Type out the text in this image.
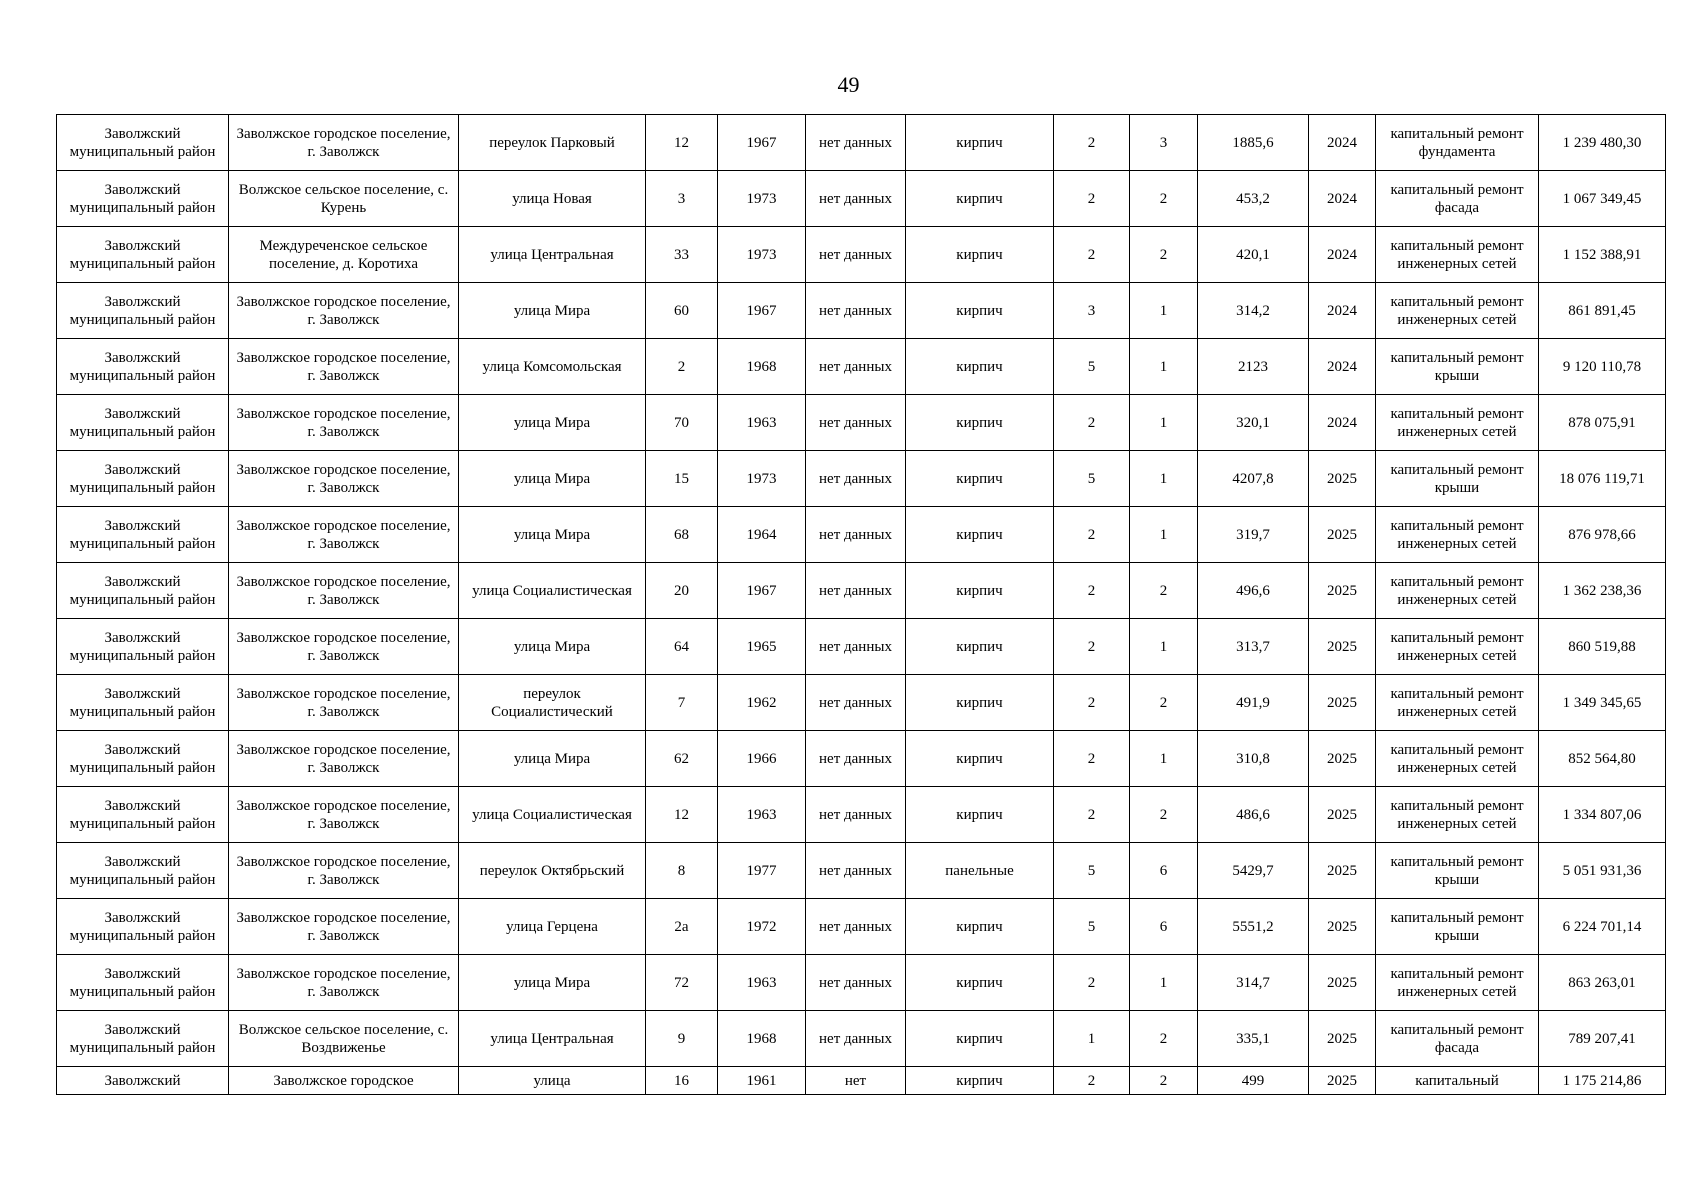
49
Заволжский муниципальный район	Заволжское городское поселение, г. Заволжск	переулок Парковый	12	1967	нет данных	кирпич	2	3	1885,6	2024	капитальный ремонт фундамента	1 239 480,30
Заволжский муниципальный район	Волжское сельское поселение, с. Курень	улица Новая	3	1973	нет данных	кирпич	2	2	453,2	2024	капитальный ремонт фасада	1 067 349,45
Заволжский муниципальный район	Междуреченское сельское поселение, д. Коротиха	улица Центральная	33	1973	нет данных	кирпич	2	2	420,1	2024	капитальный ремонт инженерных сетей	1 152 388,91
Заволжский муниципальный район	Заволжское городское поселение, г. Заволжск	улица Мира	60	1967	нет данных	кирпич	3	1	314,2	2024	капитальный ремонт инженерных сетей	861 891,45
Заволжский муниципальный район	Заволжское городское поселение, г. Заволжск	улица Комсомольская	2	1968	нет данных	кирпич	5	1	2123	2024	капитальный ремонт крыши	9 120 110,78
Заволжский муниципальный район	Заволжское городское поселение, г. Заволжск	улица Мира	70	1963	нет данных	кирпич	2	1	320,1	2024	капитальный ремонт инженерных сетей	878 075,91
Заволжский муниципальный район	Заволжское городское поселение, г. Заволжск	улица Мира	15	1973	нет данных	кирпич	5	1	4207,8	2025	капитальный ремонт крыши	18 076 119,71
Заволжский муниципальный район	Заволжское городское поселение, г. Заволжск	улица Мира	68	1964	нет данных	кирпич	2	1	319,7	2025	капитальный ремонт инженерных сетей	876 978,66
Заволжский муниципальный район	Заволжское городское поселение, г. Заволжск	улица Социалистическая	20	1967	нет данных	кирпич	2	2	496,6	2025	капитальный ремонт инженерных сетей	1 362 238,36
Заволжский муниципальный район	Заволжское городское поселение, г. Заволжск	улица Мира	64	1965	нет данных	кирпич	2	1	313,7	2025	капитальный ремонт инженерных сетей	860 519,88
Заволжский муниципальный район	Заволжское городское поселение, г. Заволжск	переулок Социалистический	7	1962	нет данных	кирпич	2	2	491,9	2025	капитальный ремонт инженерных сетей	1 349 345,65
Заволжский муниципальный район	Заволжское городское поселение, г. Заволжск	улица Мира	62	1966	нет данных	кирпич	2	1	310,8	2025	капитальный ремонт инженерных сетей	852 564,80
Заволжский муниципальный район	Заволжское городское поселение, г. Заволжск	улица Социалистическая	12	1963	нет данных	кирпич	2	2	486,6	2025	капитальный ремонт инженерных сетей	1 334 807,06
Заволжский муниципальный район	Заволжское городское поселение, г. Заволжск	переулок Октябрьский	8	1977	нет данных	панельные	5	6	5429,7	2025	капитальный ремонт крыши	5 051 931,36
Заволжский муниципальный район	Заволжское городское поселение, г. Заволжск	улица Герцена	2а	1972	нет данных	кирпич	5	6	5551,2	2025	капитальный ремонт крыши	6 224 701,14
Заволжский муниципальный район	Заволжское городское поселение, г. Заволжск	улица Мира	72	1963	нет данных	кирпич	2	1	314,7	2025	капитальный ремонт инженерных сетей	863 263,01
Заволжский муниципальный район	Волжское сельское поселение, с. Воздвиженье	улица Центральная	9	1968	нет данных	кирпич	1	2	335,1	2025	капитальный ремонт фасада	789 207,41
Заволжский	Заволжское городское	улица	16	1961	нет	кирпич	2	2	499	2025	капитальный	1 175 214,86
